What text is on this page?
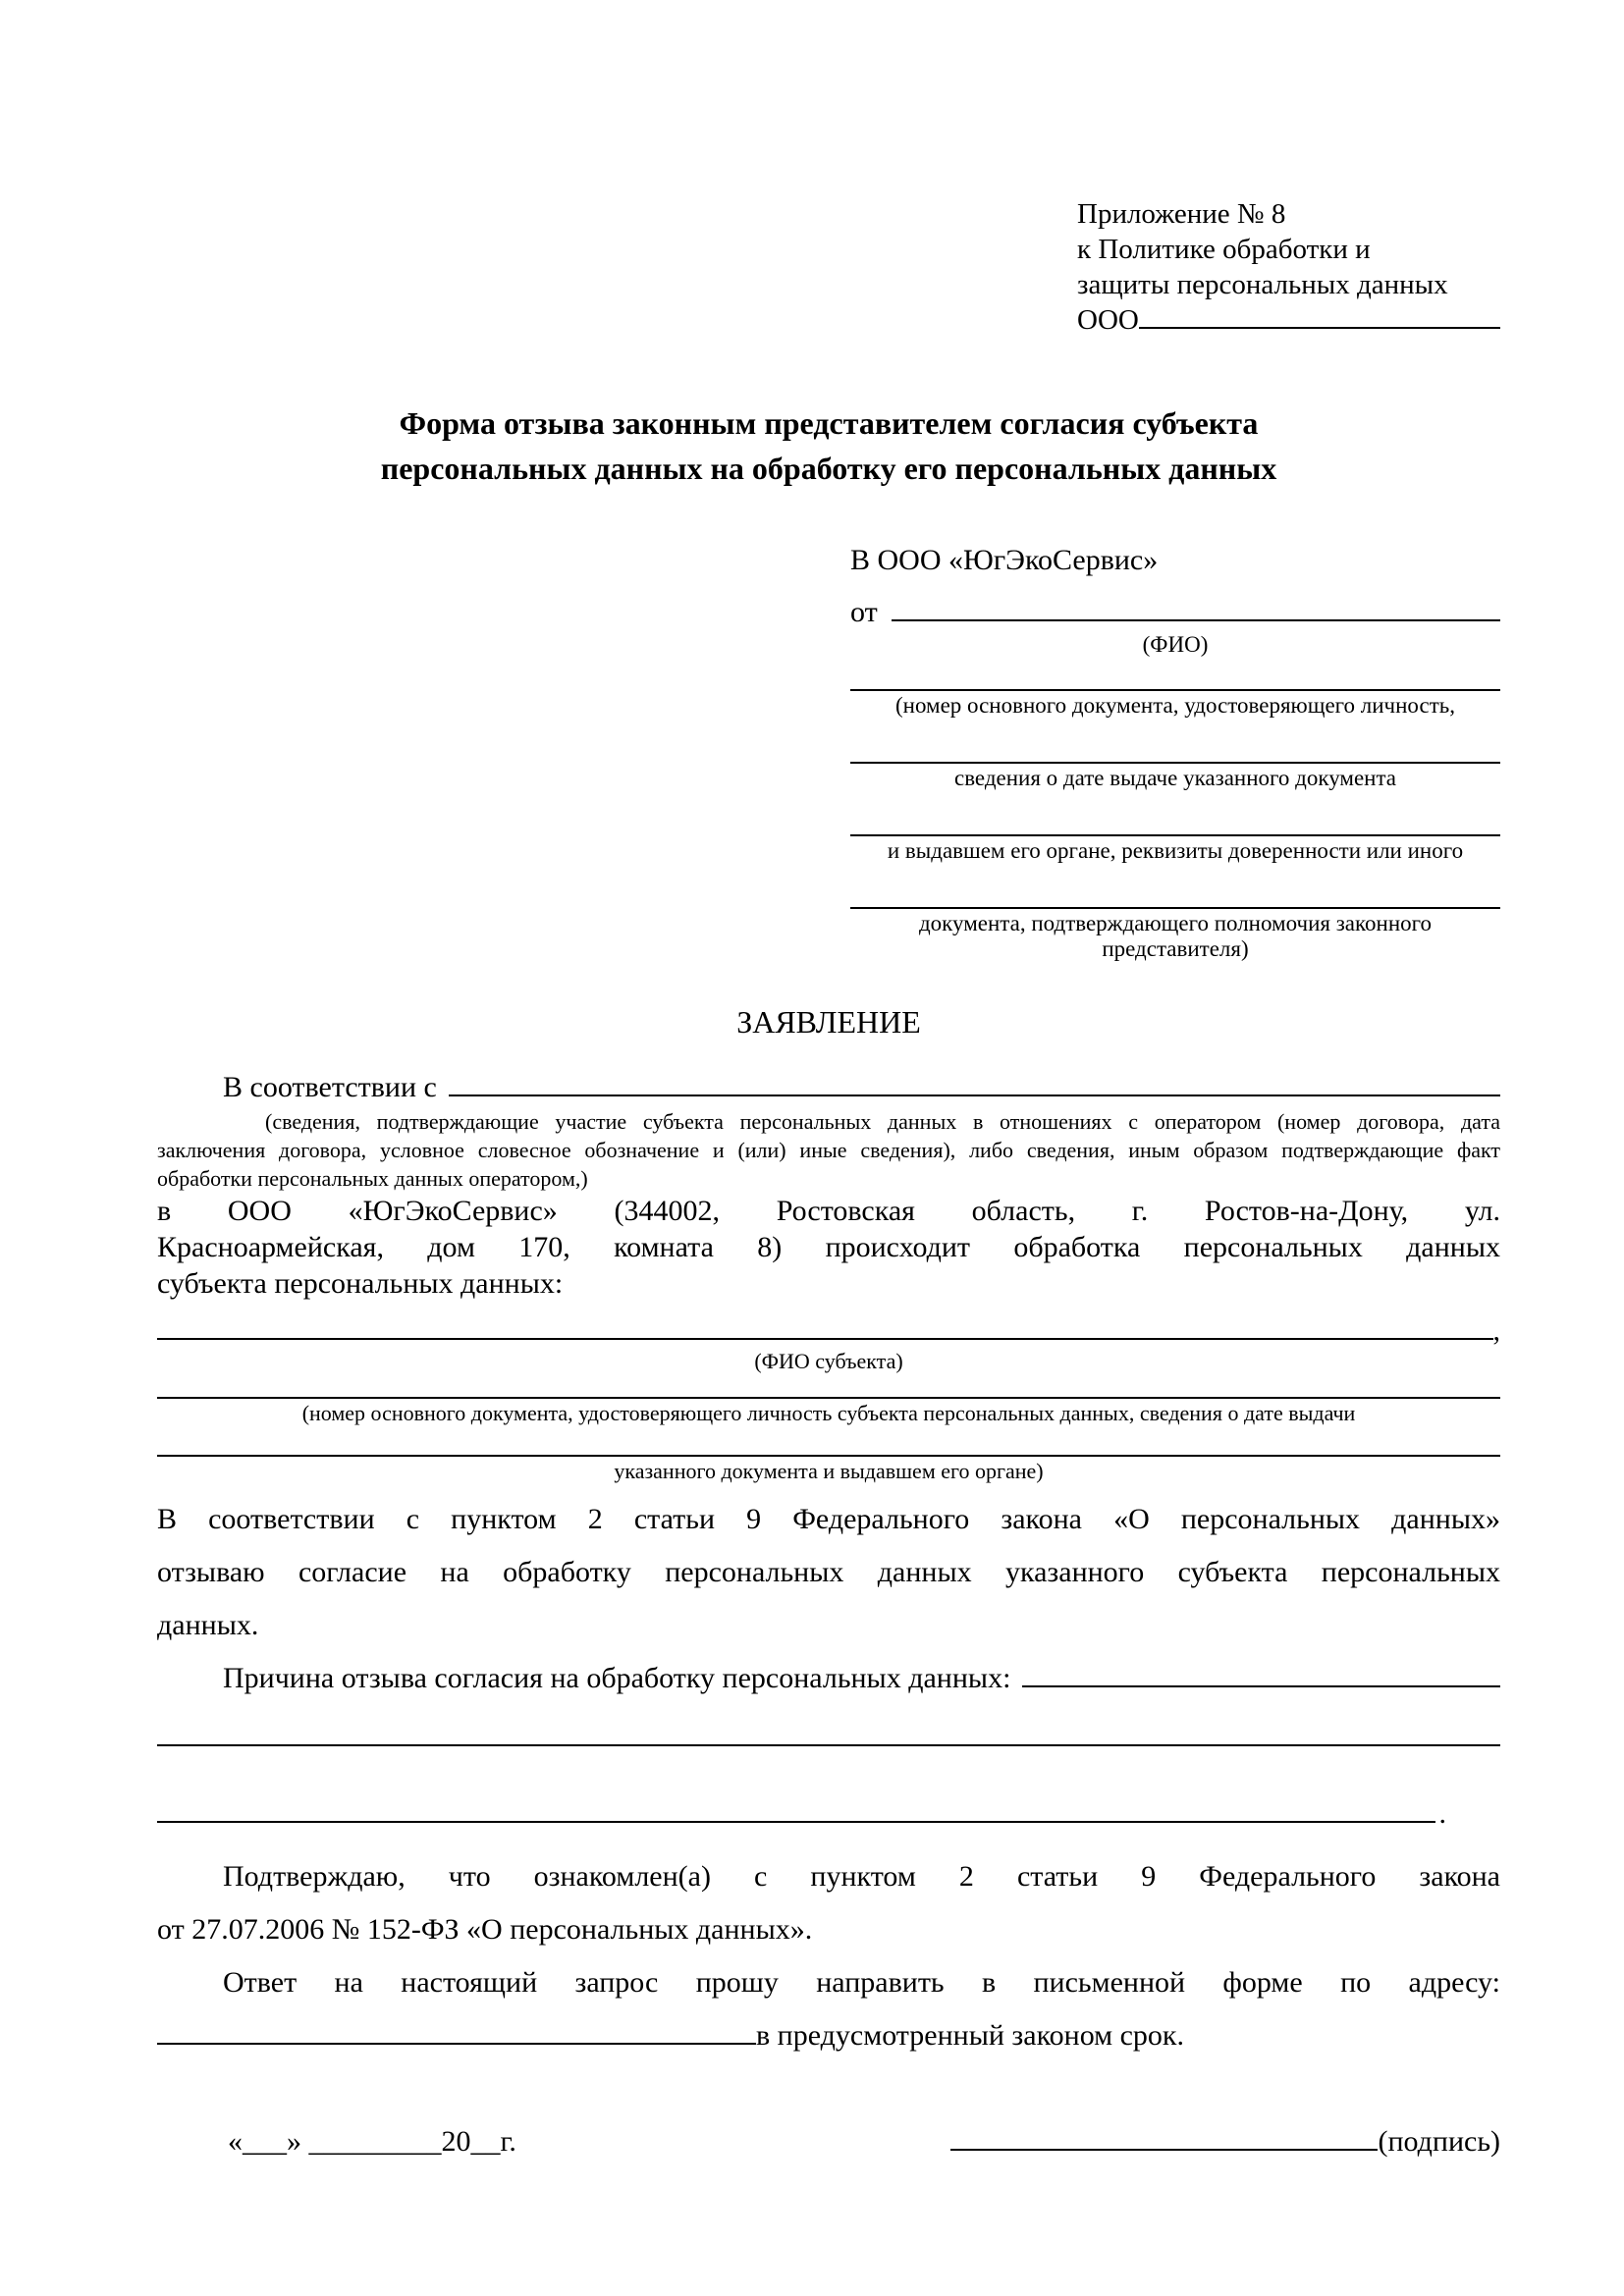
Приложение № 8
к Политике обработки и
защиты персональных данных
ООО
Форма отзыва законным представителем согласия субъекта
персональных данных на обработку его персональных данных
В ООО «ЮгЭкоСервис»
от
(ФИО)
(номер основного документа, удостоверяющего личность,
сведения о дате выдаче указанного документа
и выдавшем его органе, реквизиты доверенности или иного
документа, подтверждающего полномочия законного представителя)
ЗАЯВЛЕНИЕ
В соответствии с
(сведения, подтверждающие участие субъекта персональных данных в отношениях с оператором (номер договора, дата
заключения договора, условное словесное обозначение и (или) иные сведения), либо сведения, иным образом подтверждающие факт
обработки персональных данных оператором,)
в ООО «ЮгЭкоСервис» (344002, Ростовская область, г. Ростов-на-Дону, ул.
Красноармейская, дом 170, комната 8) происходит обработка персональных данных
субъекта персональных данных:
,
(ФИО субъекта)
(номер основного документа, удостоверяющего личность субъекта персональных данных, сведения о дате выдачи
указанного документа и выдавшем его органе)
В соответствии с пунктом 2 статьи 9 Федерального закона «О персональных данных»
отзываю согласие на обработку персональных данных указанного субъекта персональных
данных.
Причина отзыва согласия на обработку персональных данных:
.
Подтверждаю, что ознакомлен(а) с пунктом 2 статьи 9 Федерального закона
от 27.07.2006 № 152-ФЗ «О персональных данных».
Ответ на настоящий запрос прошу направить в письменной форме по адресу:
в предусмотренный законом срок.
«___» _________20__г.	(подпись)
